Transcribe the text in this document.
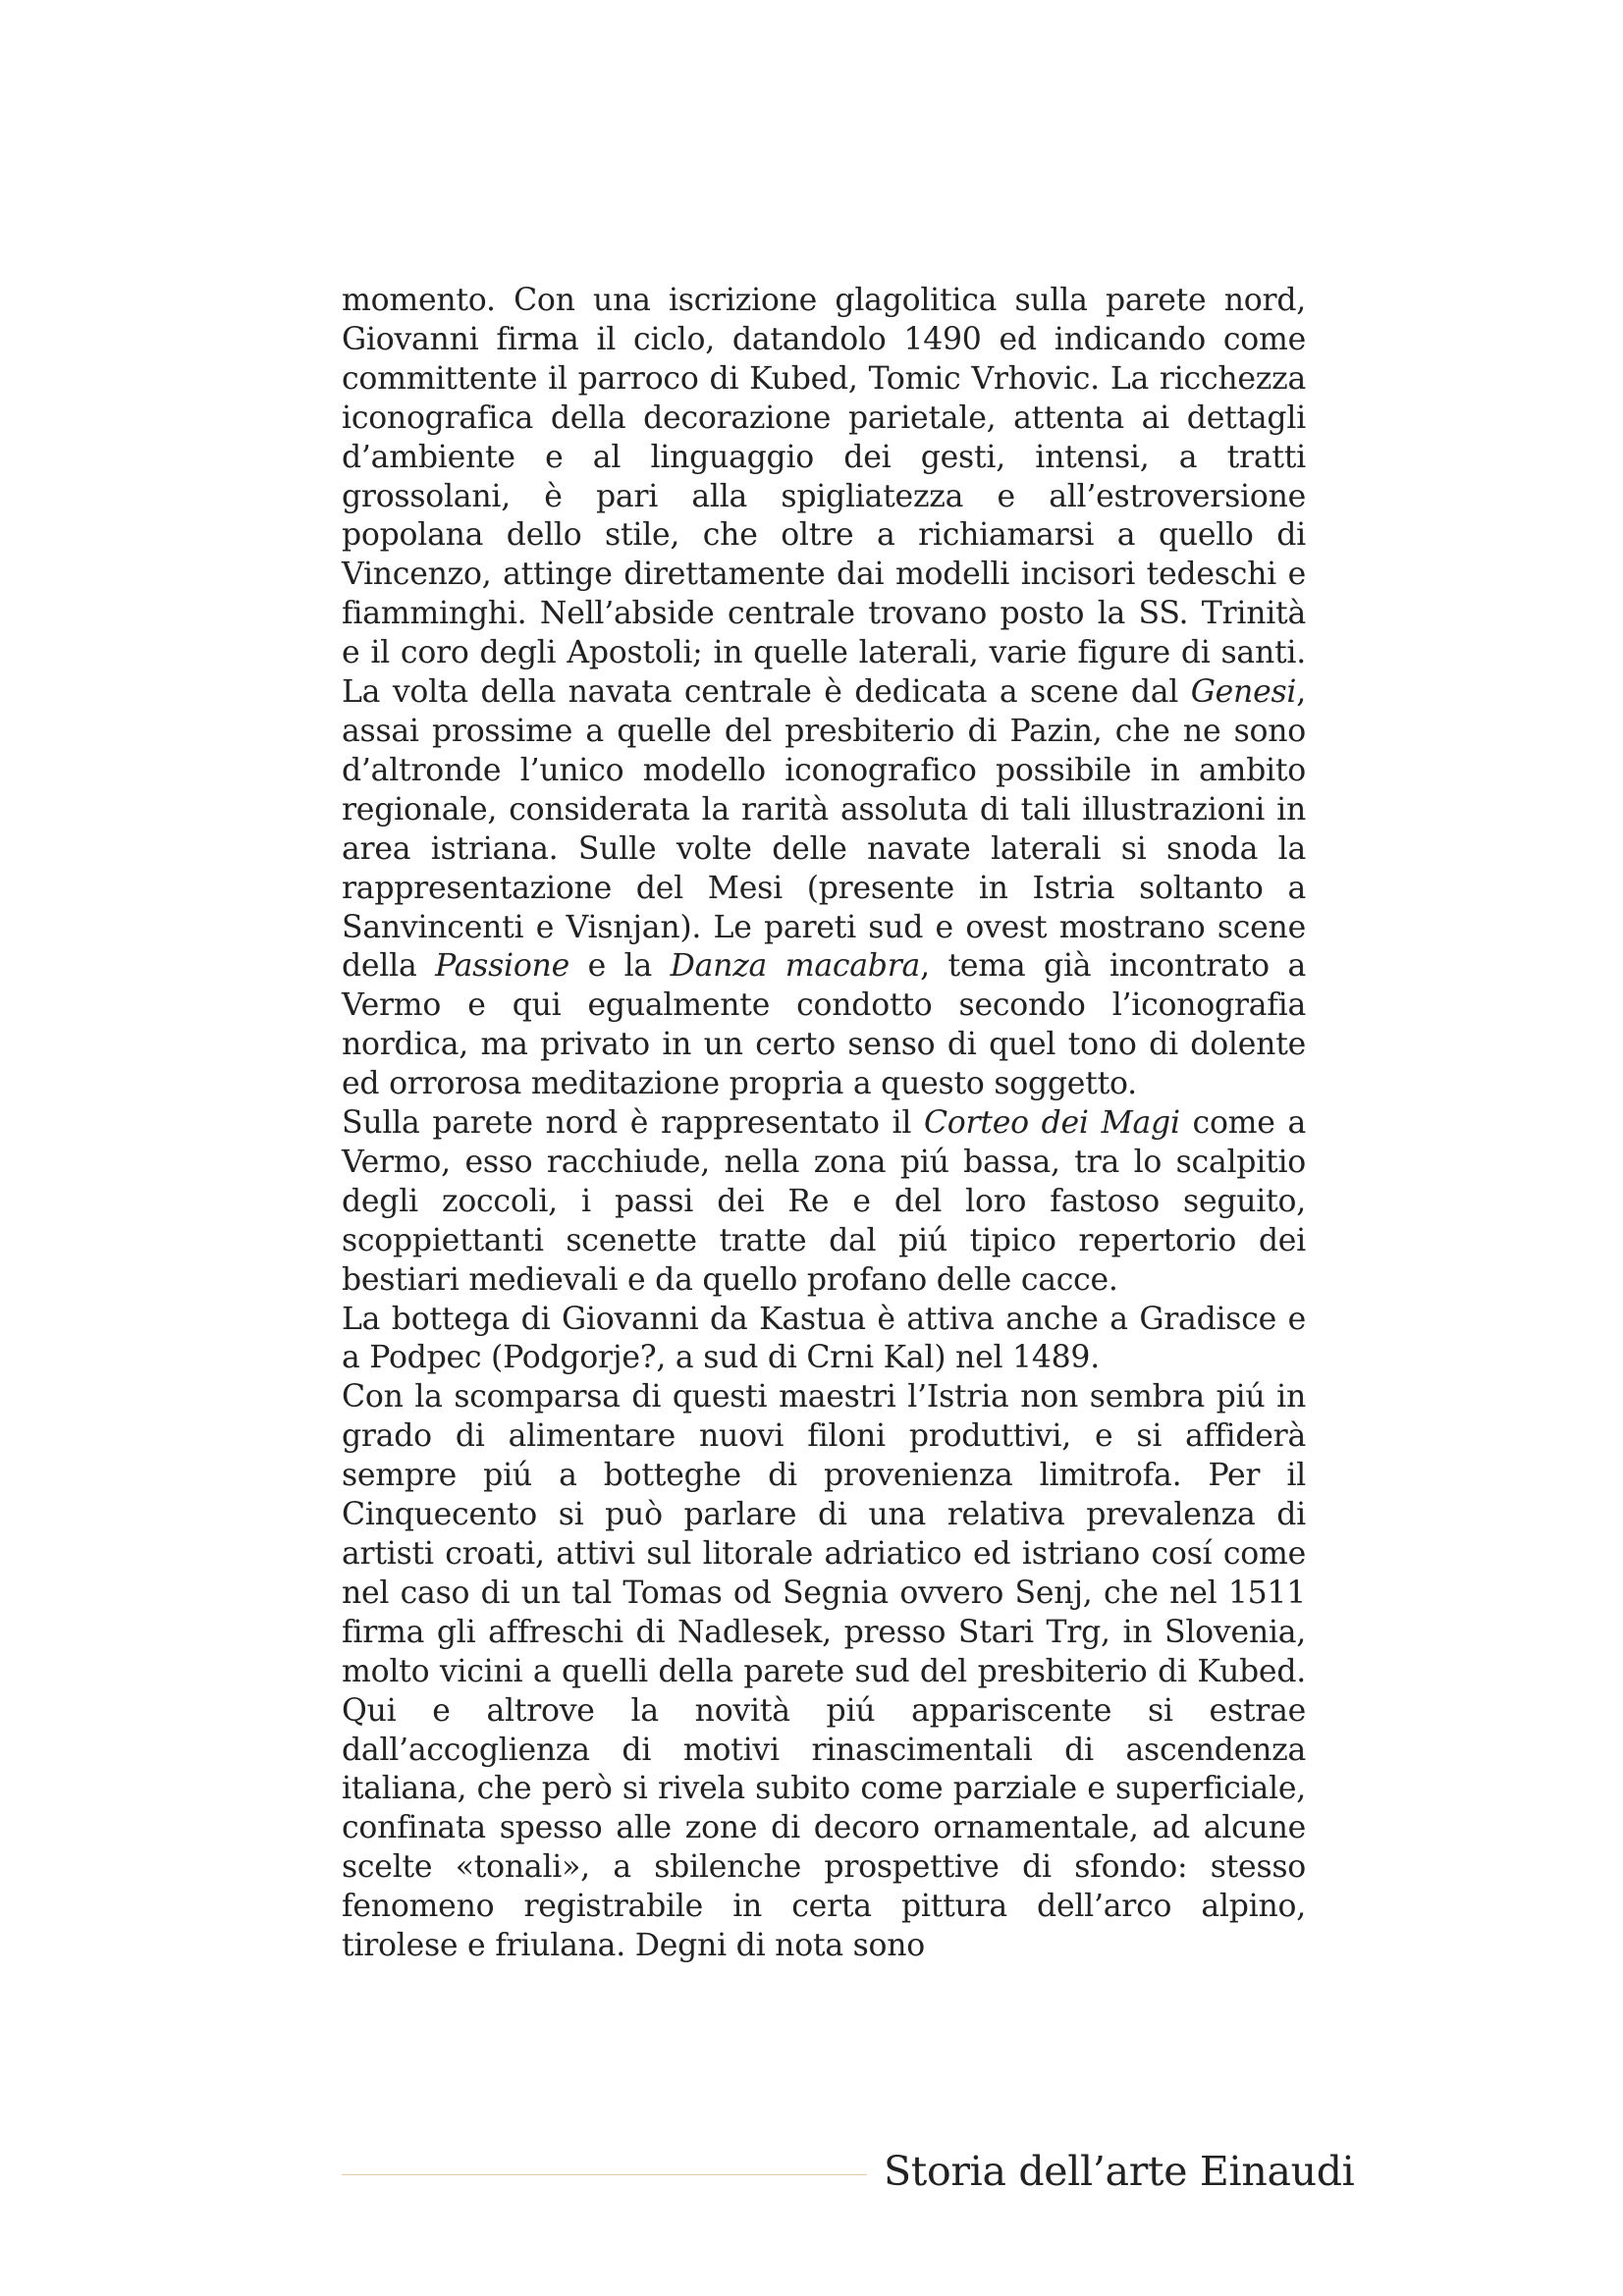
momento. Con una iscrizione glagolitica sulla parete nord, Giovanni firma il ciclo, datandolo 1490 ed indicando come committente il parroco di Kubed, Tomic Vrhovic. La ricchezza iconografica della decorazione parietale, attenta ai dettagli d’ambiente e al linguaggio dei gesti, intensi, a tratti grossolani, è pari alla spigliatezza e all’estroversione popolana dello stile, che oltre a richiamarsi a quello di Vincenzo, attinge direttamente dai modelli incisori tedeschi e fiamminghi. Nell’abside centrale trovano posto la SS. Trinità e il coro degli Apostoli; in quelle laterali, varie figure di santi. La volta della navata centrale è dedicata a scene dal Genesi, assai prossime a quelle del presbiterio di Pazin, che ne sono d’altronde l’unico modello iconografico possibile in ambito regionale, considerata la rarità assoluta di tali illustrazioni in area istriana. Sulle volte delle navate laterali si snoda la rappresentazione del Mesi (presente in Istria soltanto a Sanvincenti e Visnjan). Le pareti sud e ovest mostrano scene della Passione e la Danza macabra, tema già incontrato a Vermo e qui egualmente condotto secondo l’iconografia nordica, ma privato in un certo senso di quel tono di dolente ed orrorosa meditazione propria a questo soggetto.

Sulla parete nord è rappresentato il Corteo dei Magi come a Vermo, esso racchiude, nella zona piú bassa, tra lo scalpitio degli zoccoli, i passi dei Re e del loro fastoso seguito, scoppiettanti scenette tratte dal piú tipico repertorio dei bestiari medievali e da quello profano delle cacce.

La bottega di Giovanni da Kastua è attiva anche a Gradisce e a Podpec (Podgorje?, a sud di Crni Kal) nel 1489.

Con la scomparsa di questi maestri l’Istria non sembra piú in grado di alimentare nuovi filoni produttivi, e si affiderà sempre piú a botteghe di provenienza limitrofa. Per il Cinquecento si può parlare di una relativa prevalenza di artisti croati, attivi sul litorale adriatico ed istriano cosí come nel caso di un tal Tomas od Segnia ovvero Senj, che nel 1511 firma gli affreschi di Nadlesek, presso Stari Trg, in Slovenia, molto vicini a quelli della parete sud del presbiterio di Kubed. Qui e altrove la novità piú appariscente si estrae dall’accoglienza di motivi rinascimentali di ascendenza italiana, che però si rivela subito come parziale e superficiale, confinata spesso alle zone di decoro ornamentale, ad alcune scelte «tonali», a sbilenche prospettive di sfondo: stesso fenomeno registrabile in certa pittura dell’arco alpino, tirolese e friulana. Degni di nota sono

Storia dell’arte Einaudi
